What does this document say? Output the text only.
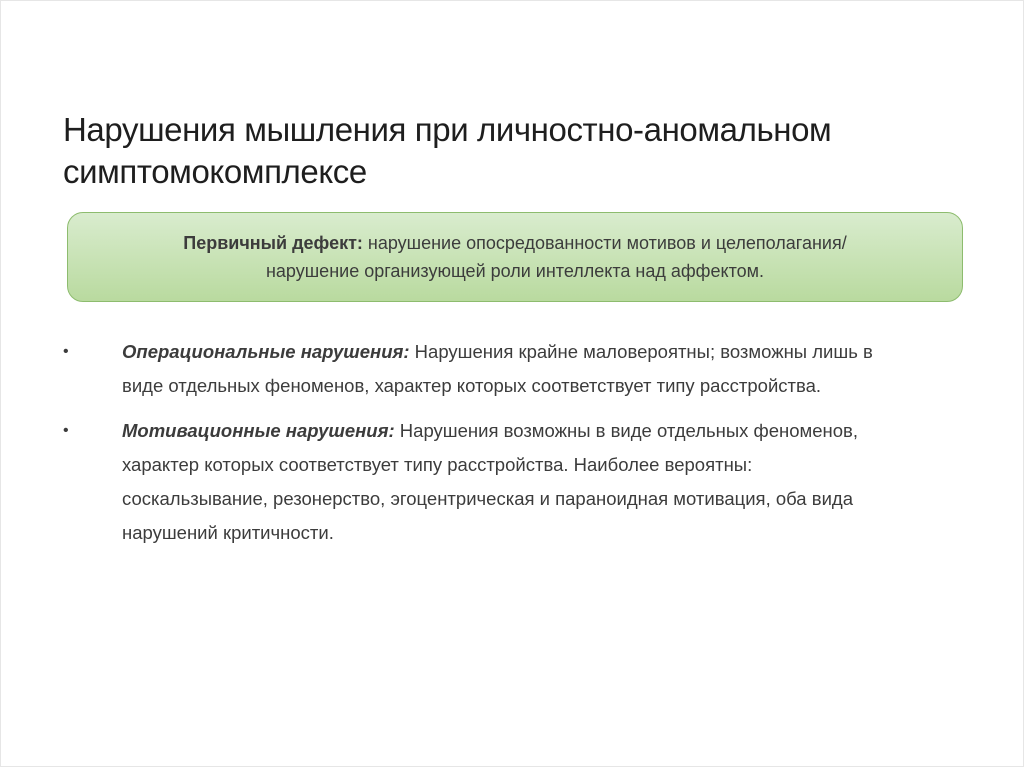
Нарушения мышления при личностно-аномальном
симптомокомплексе
Первичный дефект: нарушение опосредованности мотивов и целеполагания/
нарушение организующей роли интеллекта над аффектом.
•	Операциональные нарушения: Нарушения крайне маловероятны; возможны лишь в
виде отдельных феноменов, характер которых соответствует типу расстройства.
•	Мотивационные нарушения: Нарушения возможны в виде отдельных феноменов,
характер которых соответствует типу расстройства. Наиболее вероятны:
соскальзывание, резонерство, эгоцентрическая и параноидная мотивация, оба вида
нарушений критичности.
